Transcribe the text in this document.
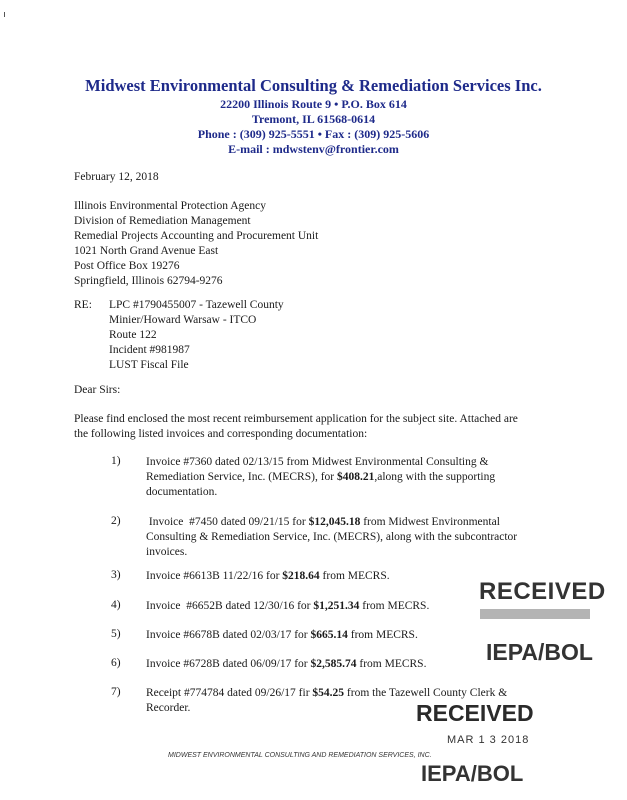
Midwest Environmental Consulting & Remediation Services Inc.
22200 Illinois Route 9 • P.O. Box 614
Tremont, IL 61568-0614
Phone : (309) 925-5551 • Fax : (309) 925-5606
E-mail : mdwstenv@frontier.com
February 12, 2018
Illinois Environmental Protection Agency
Division of Remediation Management
Remedial Projects Accounting and Procurement Unit
1021 North Grand Avenue East
Post Office Box 19276
Springfield, Illinois 62794-9276
RE: LPC #1790455007 - Tazewell County
Minier/Howard Warsaw - ITCO
Route 122
Incident #981987
LUST Fiscal File
Dear Sirs:
Please find enclosed the most recent reimbursement application for the subject site. Attached are
the following listed invoices and corresponding documentation:
1) Invoice #7360 dated 02/13/15 from Midwest Environmental Consulting &
Remediation Service, Inc. (MECRS), for $408.21,along with the supporting
documentation.
2) Invoice  #7450 dated 09/21/15 for $12,045.18 from Midwest Environmental
Consulting & Remediation Service, Inc. (MECRS), along with the subcontractor
invoices.
3) Invoice #6613B 11/22/16 for $218.64 from MECRS.
4) Invoice  #6652B dated 12/30/16 for $1,251.34 from MECRS.
5) Invoice #6678B dated 02/03/17 for $665.14 from MECRS.
6) Invoice #6728B dated 06/09/17 for $2,585.74 from MECRS.
7) Receipt #774784 dated 09/26/17 fir $54.25 from the Tazewell County Clerk &
Recorder.
RECEIVED
IEPA/BOL
RECEIVED
MAR 1 3 2018
IEPA/BOL
MIDWEST ENVIRONMENTAL CONSULTING AND REMEDIATION SERVICES, INC.
